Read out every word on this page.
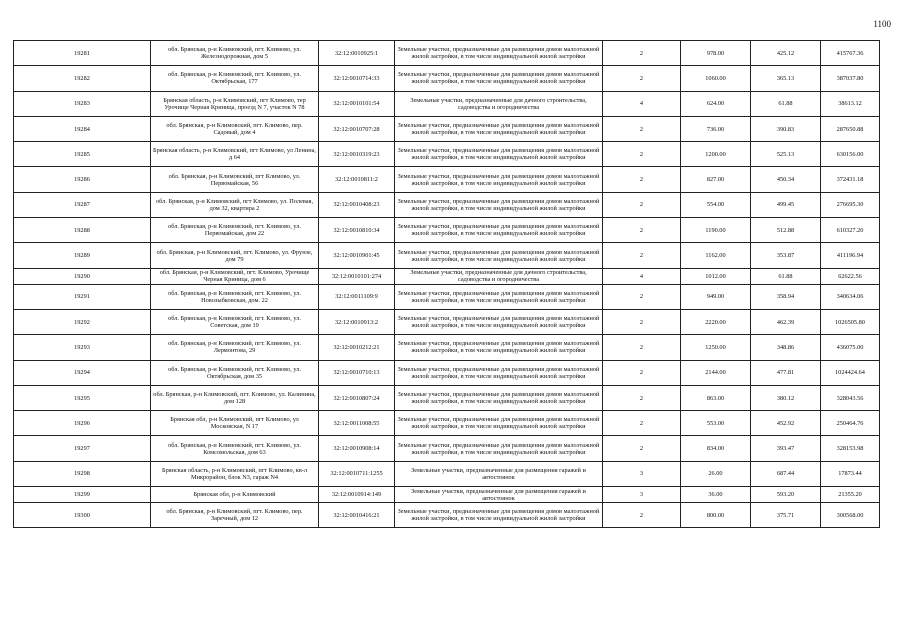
1100
19281	обл. Брянская, р-н Климовский, пгт. Климово, ул. Железнодорожная, дом 5	32:12:0010925:1	Земельные участки, предназначенные для размещения домов малоэтажной жилой застройки, в том числе индивидуальной жилой застройки	2	978.00	425.12	415767.36
19282	обл. Брянская, р-н Климовский, пгт. Климово, ул. Октябрьская, 177	32:12:0010714:33	Земельные участки, предназначенные для размещения домов малоэтажной жилой застройки, в том числе индивидуальной жилой застройки	2	1060.00	365.13	387037.80
19283	Брянская область, р-н Климовский, пгт Климово, тер Урочище Черная Криница, проезд N 7, участок N 78	32:12:0010101:54	Земельные участки, предназначенные для дачного строительства, садоводства и огородничества	4	624.00	61.88	38613.12
19284	обл. Брянская, р-н Климовский, пгт. Климово, пер. Садовый, дом 4	32:12:0010707:28	Земельные участки, предназначенные для размещения домов малоэтажной жилой застройки, в том числе индивидуальной жилой застройки	2	736.00	390.83	287650.88
19285	Брянская область, р-н Климовский, пгт Климово, ул Ленина, д 64	32:12:0010319:23	Земельные участки, предназначенные для размещения домов малоэтажной жилой застройки, в том числе индивидуальной жилой застройки	2	1200.00	525.13	630156.00
19286	обл. Брянская, р-н Климовский, пгт Климово, ул. Первомайская, 56	32:12:0010811:2	Земельные участки, предназначенные для размещения домов малоэтажной жилой застройки, в том числе индивидуальной жилой застройки	2	827.00	450.34	372431.18
19287	обл. Брянская, р-н Климовский, пгт Климово, ул. Полевая, дом 32, квартира 2	32:12:0010408:23	Земельные участки, предназначенные для размещения домов малоэтажной жилой застройки, в том числе индивидуальной жилой застройки	2	554.00	499.45	276695.30
19288	обл. Брянская, р-н Климовский, пгт. Климово, ул. Первомайская, дом 22	32:12:0010810:34	Земельные участки, предназначенные для размещения домов малоэтажной жилой застройки, в том числе индивидуальной жилой застройки	2	1190.00	512.88	610327.20
19289	обл. Брянская, р-н Климовский, пгт. Климово, ул. Фрунзе, дом 79	32:12:0010901:45	Земельные участки, предназначенные для размещения домов малоэтажной жилой застройки, в том числе индивидуальной жилой застройки	2	1162.00	353.87	411196.94
19290	обл. Брянская, р-н Климовский, пгт. Климово, Урочище Черная Криница, дом 6	32:12:0010101:274	Земельные участки, предназначенные для дачного строительства, садоводства и огородничества	4	1012.00	61.88	62622.56
19291	обл. Брянская, р-н Климовский, пгт. Климово, ул. Новозыбковская, дом. 22	32:12:0011109:9	Земельные участки, предназначенные для размещения домов малоэтажной жилой застройки, в том числе индивидуальной жилой застройки	2	949.00	358.94	340634.06
19292	обл. Брянская, р-н Климовский, пгт. Климово, ул. Советская, дом 19	32:12:0010913:2	Земельные участки, предназначенные для размещения домов малоэтажной жилой застройки, в том числе индивидуальной жилой застройки	2	2220.00	462.39	1026505.80
19293	обл. Брянская, р-н Климовский, пгт. Климово, ул. Лермонтова, 29	32:12:0010212:21	Земельные участки, предназначенные для размещения домов малоэтажной жилой застройки, в том числе индивидуальной жилой застройки	2	1250.00	348.86	436075.00
19294	обл. Брянская, р-н Климовский, пгт. Климово, ул. Октябрьская, дом 35	32:12:0010710:13	Земельные участки, предназначенные для размещения домов малоэтажной жилой застройки, в том числе индивидуальной жилой застройки	2	2144.00	477.81	1024424.64
19295	обл. Брянская, р-н Климовский, пгт. Климово, ул. Калинина, дом 128	32:12:0010807:24	Земельные участки, предназначенные для размещения домов малоэтажной жилой застройки, в том числе индивидуальной жилой застройки	2	863.00	380.12	328043.56
19296	Брянская обл, р-н Климовский, пгт Климово, ул Московская, N 17	32:12:0011008:55	Земельные участки, предназначенные для размещения домов малоэтажной жилой застройки, в том числе индивидуальной жилой застройки	2	553.00	452.92	250464.76
19297	обл. Брянская, р-н Климовский, пгт. Климово, ул. Комсомольская, дом 63	32:12:0010908:14	Земельные участки, предназначенные для размещения домов малоэтажной жилой застройки, в том числе индивидуальной жилой застройки	2	834.00	393.47	328153.98
19298	Брянская область, р-н Климовский, пгт Климово, кв-л Микрорайон, блок N3, гараж N4	32:12:0010711:1255	Земельные участки, предназначенные для размещения гаражей и автостоянок	3	26.00	687.44	17873.44
19299	Брянская обл, р-н Климовский	32:12:0010914:149	Земельные участки, предназначенные для размещения гаражей и автостоянок	3	36.00	593.20	21355.20
19300	обл. Брянская, р-н Климовский, пгт. Климово, пер. Заречный, дом 12	32:12:0010416:21	Земельные участки, предназначенные для размещения домов малоэтажной жилой застройки, в том числе индивидуальной жилой застройки	2	800.00	375.71	300568.00
